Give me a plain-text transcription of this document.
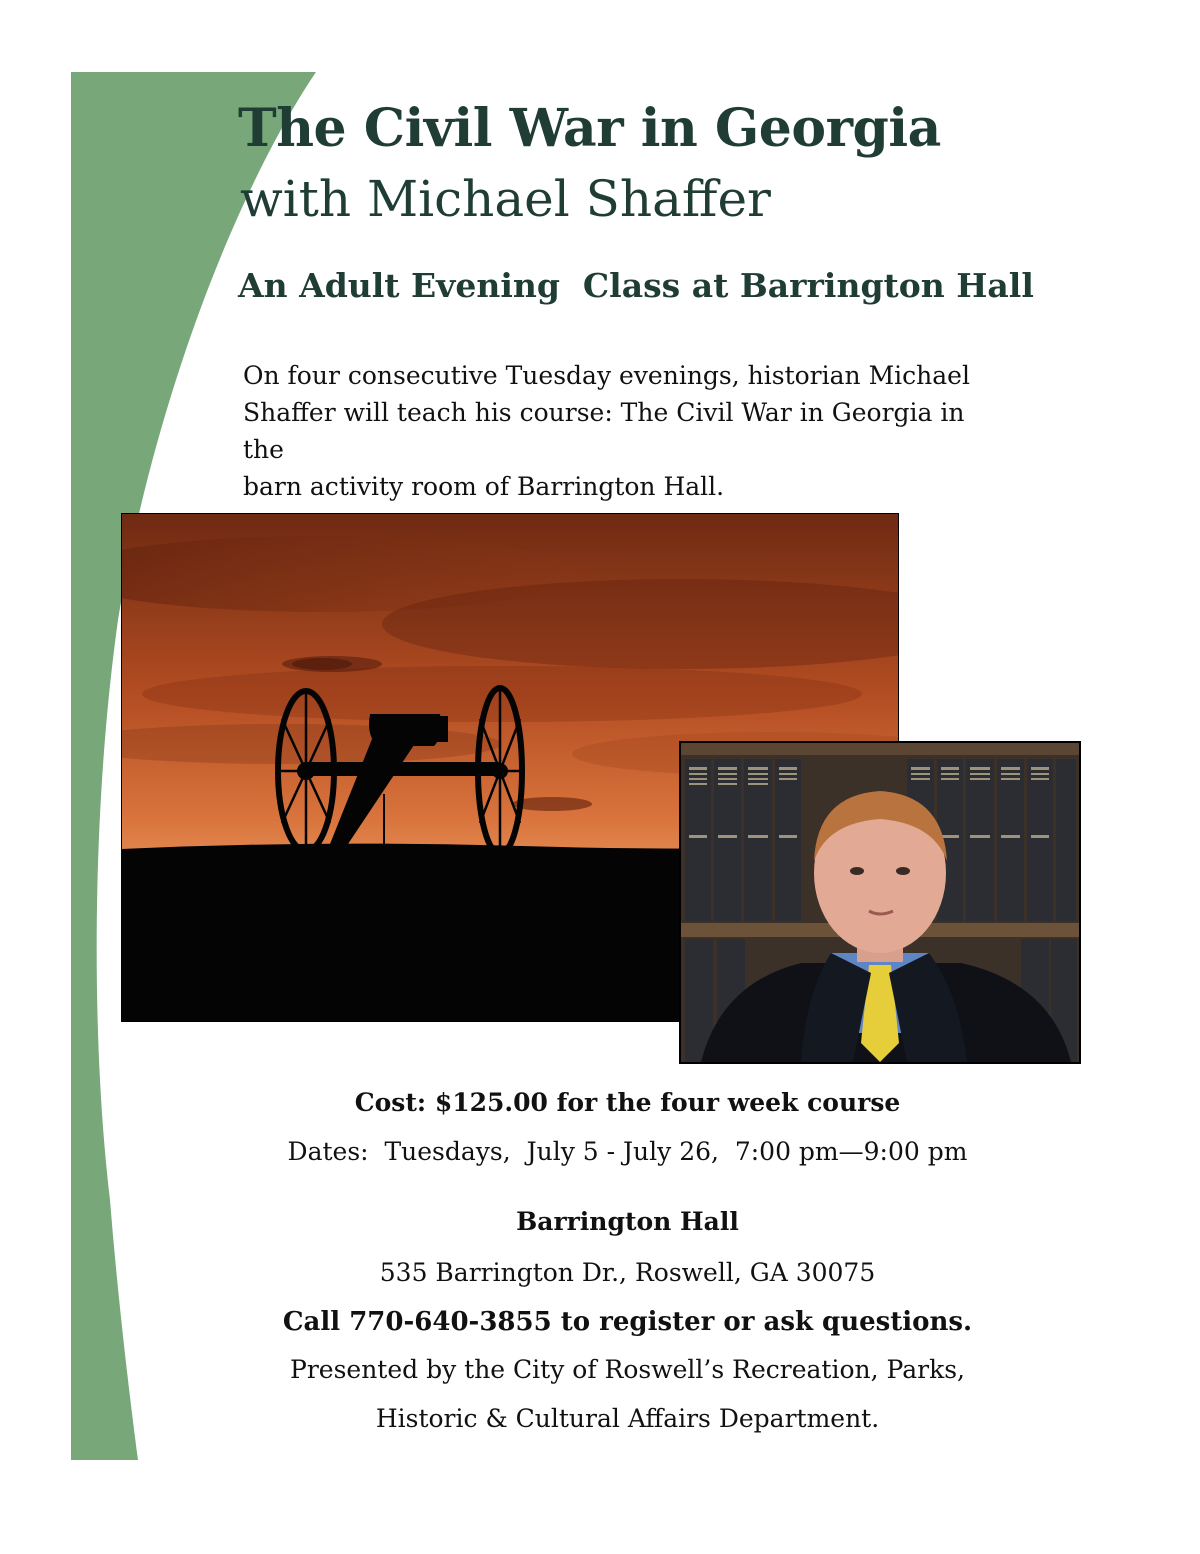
The Civil War in Georgia
with Michael Shaffer
An Adult Evening  Class at Barrington Hall

On four consecutive Tuesday evenings, historian Michael
Shaffer will teach his course: The Civil War in Georgia in the
barn activity room of Barrington Hall.

Cost: $125.00 for the four week course

Dates:  Tuesdays,  July 5 - July 26,  7:00 pm—9:00 pm

Barrington Hall

535 Barrington Dr., Roswell, GA 30075

Call 770-640-3855 to register or ask questions.

Presented by the City of Roswell’s Recreation, Parks,

Historic & Cultural Affairs Department.
